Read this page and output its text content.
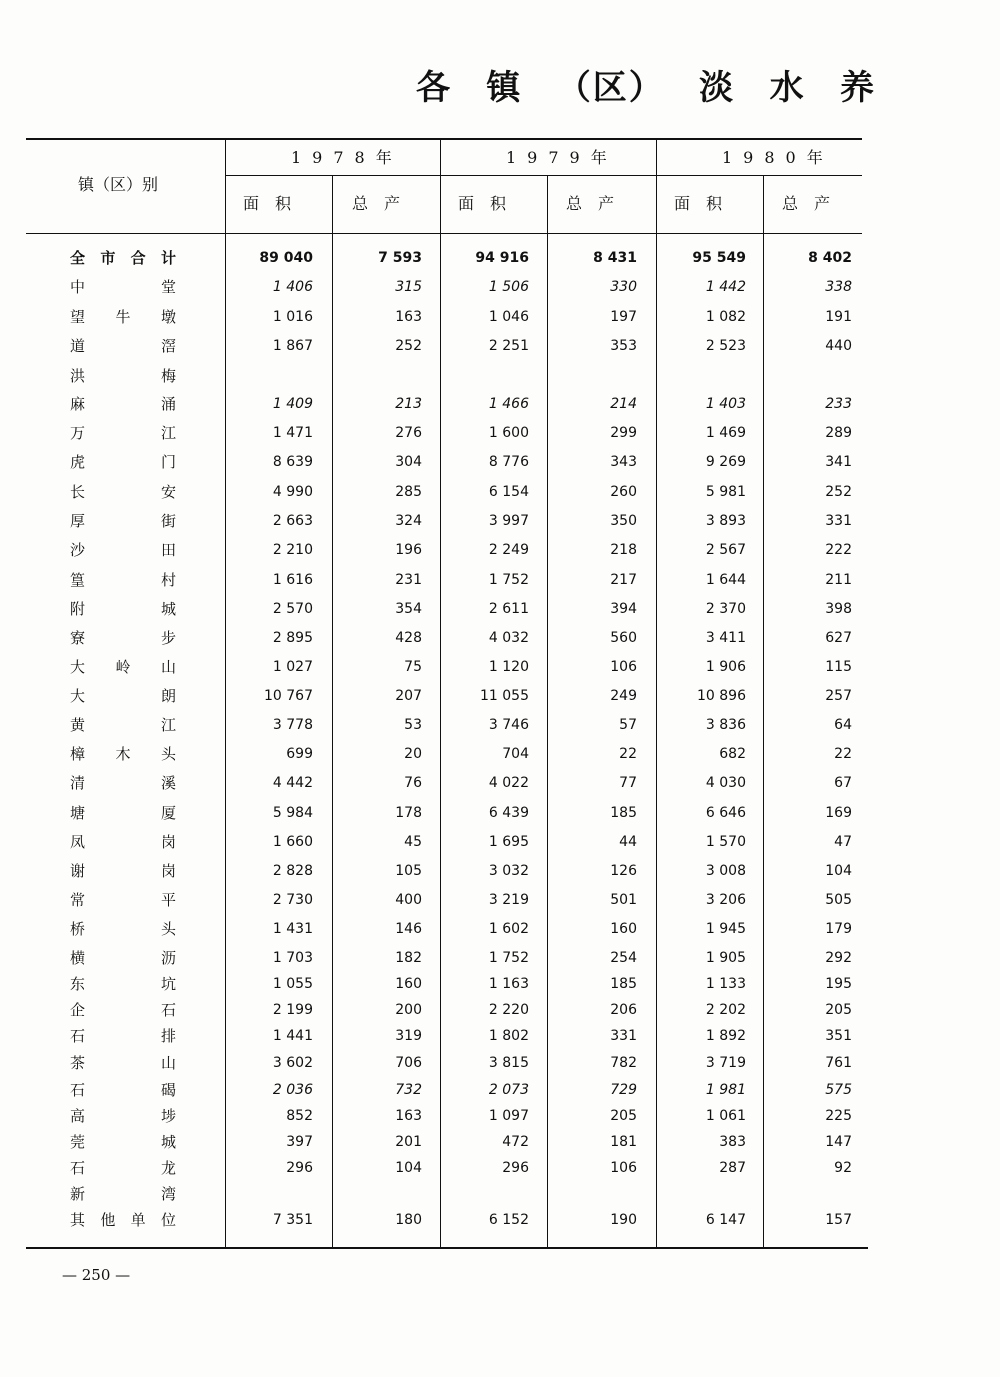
各 镇 （区） 淡 水 养
镇（区）别
1978年	1979年	1980年
面　积	总　产	面　积	总　产	面　积	总　产
全 市 合 计	89 040	7 593	94 916	8 431	95 549	8 402
中	堂	1 406	315	1 506	330	1 442	338
望 牛 墩	1 016	163	1 046	197	1 082	191
道	滘	1 867	252	2 251	353	2 523	440
洪	梅
麻	涌	1 409	213	1 466	214	1 403	233
万	江	1 471	276	1 600	299	1 469	289
虎	门	8 639	304	8 776	343	9 269	341
长	安	4 990	285	6 154	260	5 981	252
厚	街	2 663	324	3 997	350	3 893	331
沙	田	2 210	196	2 249	218	2 567	222
篁	村	1 616	231	1 752	217	1 644	211
附	城	2 570	354	2 611	394	2 370	398
寮	步	2 895	428	4 032	560	3 411	627
大 岭 山	1 027	75	1 120	106	1 906	115
大	朗	10 767	207	11 055	249	10 896	257
黄	江	3 778	53	3 746	57	3 836	64
樟 木 头	699	20	704	22	682	22
清	溪	4 442	76	4 022	77	4 030	67
塘	厦	5 984	178	6 439	185	6 646	169
凤	岗	1 660	45	1 695	44	1 570	47
谢	岗	2 828	105	3 032	126	3 008	104
常	平	2 730	400	3 219	501	3 206	505
桥	头	1 431	146	1 602	160	1 945	179
横	沥	1 703	182	1 752	254	1 905	292
东	坑	1 055	160	1 163	185	1 133	195
企	石	2 199	200	2 220	206	2 202	205
石	排	1 441	319	1 802	331	1 892	351
茶	山	3 602	706	3 815	782	3 719	761
石	碣	2 036	732	2 073	729	1 981	575
高	埗	852	163	1 097	205	1 061	225
莞	城	397	201	472	181	383	147
石	龙	296	104	296	106	287	92
新	湾
其 他 单 位	7 351	180	6 152	190	6 147	157
— 250 —
